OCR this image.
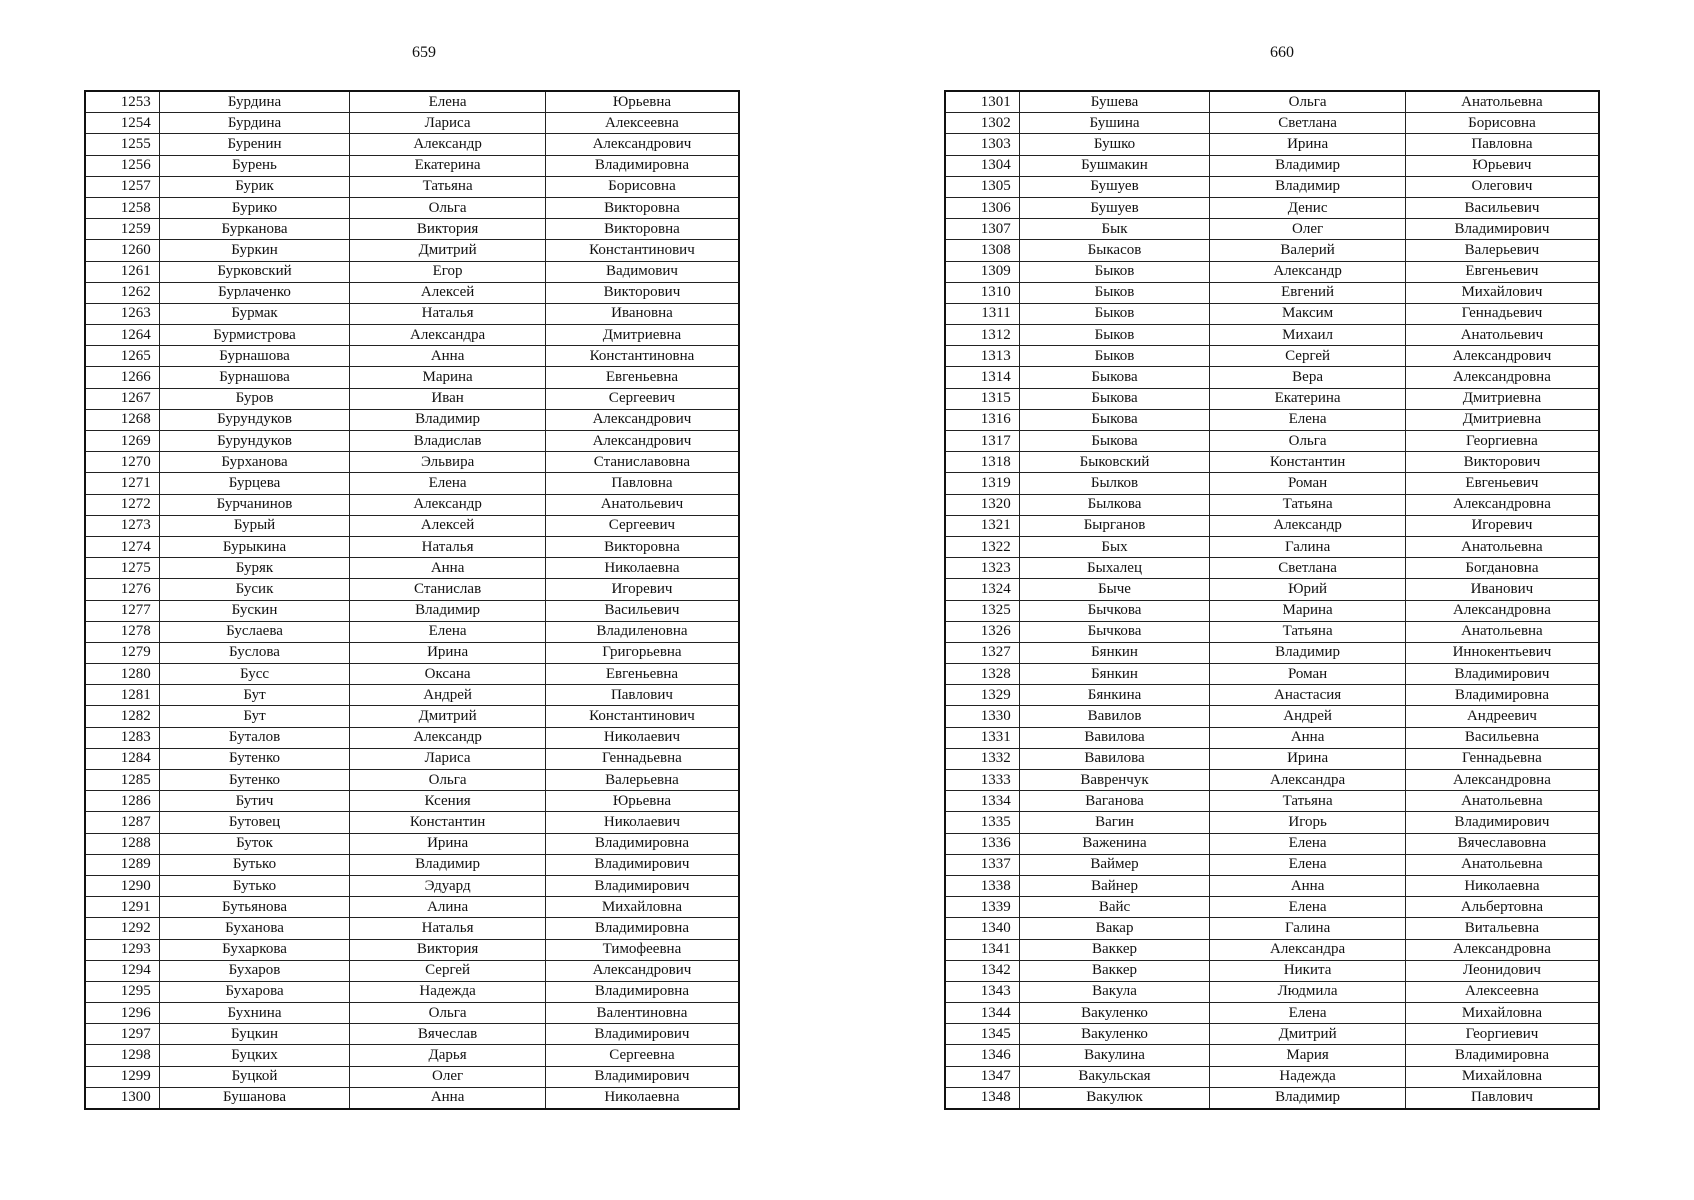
659	660
1253	Бурдина	Елена	Юрьевна
1254	Бурдина	Лариса	Алексеевна
1255	Буренин	Александр	Александрович
1256	Бурень	Екатерина	Владимировна
1257	Бурик	Татьяна	Борисовна
1258	Бурико	Ольга	Викторовна
1259	Бурканова	Виктория	Викторовна
1260	Буркин	Дмитрий	Константинович
1261	Бурковский	Егор	Вадимович
1262	Бурлаченко	Алексей	Викторович
1263	Бурмак	Наталья	Ивановна
1264	Бурмистрова	Александра	Дмитриевна
1265	Бурнашова	Анна	Константиновна
1266	Бурнашова	Марина	Евгеньевна
1267	Буров	Иван	Сергеевич
1268	Бурундуков	Владимир	Александрович
1269	Бурундуков	Владислав	Александрович
1270	Бурханова	Эльвира	Станиславовна
1271	Бурцева	Елена	Павловна
1272	Бурчанинов	Александр	Анатольевич
1273	Бурый	Алексей	Сергеевич
1274	Бурыкина	Наталья	Викторовна
1275	Буряк	Анна	Николаевна
1276	Бусик	Станислав	Игоревич
1277	Бускин	Владимир	Васильевич
1278	Буслаева	Елена	Владиленовна
1279	Буслова	Ирина	Григорьевна
1280	Бусс	Оксана	Евгеньевна
1281	Бут	Андрей	Павлович
1282	Бут	Дмитрий	Константинович
1283	Буталов	Александр	Николаевич
1284	Бутенко	Лариса	Геннадьевна
1285	Бутенко	Ольга	Валерьевна
1286	Бутич	Ксения	Юрьевна
1287	Бутовец	Константин	Николаевич
1288	Буток	Ирина	Владимировна
1289	Бутько	Владимир	Владимирович
1290	Бутько	Эдуард	Владимирович
1291	Бутьянова	Алина	Михайловна
1292	Буханова	Наталья	Владимировна
1293	Бухаркова	Виктория	Тимофеевна
1294	Бухаров	Сергей	Александрович
1295	Бухарова	Надежда	Владимировна
1296	Бухнина	Ольга	Валентиновна
1297	Буцкин	Вячеслав	Владимирович
1298	Буцких	Дарья	Сергеевна
1299	Буцкой	Олег	Владимирович
1300	Бушанова	Анна	Николаевна
1301	Бушева	Ольга	Анатольевна
1302	Бушина	Светлана	Борисовна
1303	Бушко	Ирина	Павловна
1304	Бушмакин	Владимир	Юрьевич
1305	Бушуев	Владимир	Олегович
1306	Бушуев	Денис	Васильевич
1307	Бык	Олег	Владимирович
1308	Быкасов	Валерий	Валерьевич
1309	Быков	Александр	Евгеньевич
1310	Быков	Евгений	Михайлович
1311	Быков	Максим	Геннадьевич
1312	Быков	Михаил	Анатольевич
1313	Быков	Сергей	Александрович
1314	Быкова	Вера	Александровна
1315	Быкова	Екатерина	Дмитриевна
1316	Быкова	Елена	Дмитриевна
1317	Быкова	Ольга	Георгиевна
1318	Быковский	Константин	Викторович
1319	Былков	Роман	Евгеньевич
1320	Былкова	Татьяна	Александровна
1321	Быргaнов	Александр	Игоревич
1322	Быx	Галина	Анатольевна
1323	Быхалец	Светлана	Богдановна
1324	Быче	Юрий	Иванович
1325	Бычкова	Марина	Александровна
1326	Бычкова	Татьяна	Анатольевна
1327	Бянкин	Владимир	Иннокентьевич
1328	Бянкин	Роман	Владимирович
1329	Бянкина	Анастасия	Владимировна
1330	Вавилов	Андрей	Андреевич
1331	Вавилова	Анна	Васильевна
1332	Вавилова	Ирина	Геннадьевна
1333	Вавренчук	Александра	Александровна
1334	Ваганова	Татьяна	Анатольевна
1335	Вагин	Игорь	Владимирович
1336	Важенина	Елена	Вячеславовна
1337	Ваймер	Елена	Анатольевна
1338	Вайнер	Анна	Николаевна
1339	Вайс	Елена	Альбертовна
1340	Вакар	Галина	Витальевна
1341	Ваккер	Александра	Александровна
1342	Ваккер	Никита	Леонидович
1343	Вакула	Людмила	Алексеевна
1344	Вакуленко	Елена	Михайловна
1345	Вакуленко	Дмитрий	Георгиевич
1346	Вакулина	Мария	Владимировна
1347	Вакульская	Надежда	Михайловна
1348	Вакулюк	Владимир	Павлович
